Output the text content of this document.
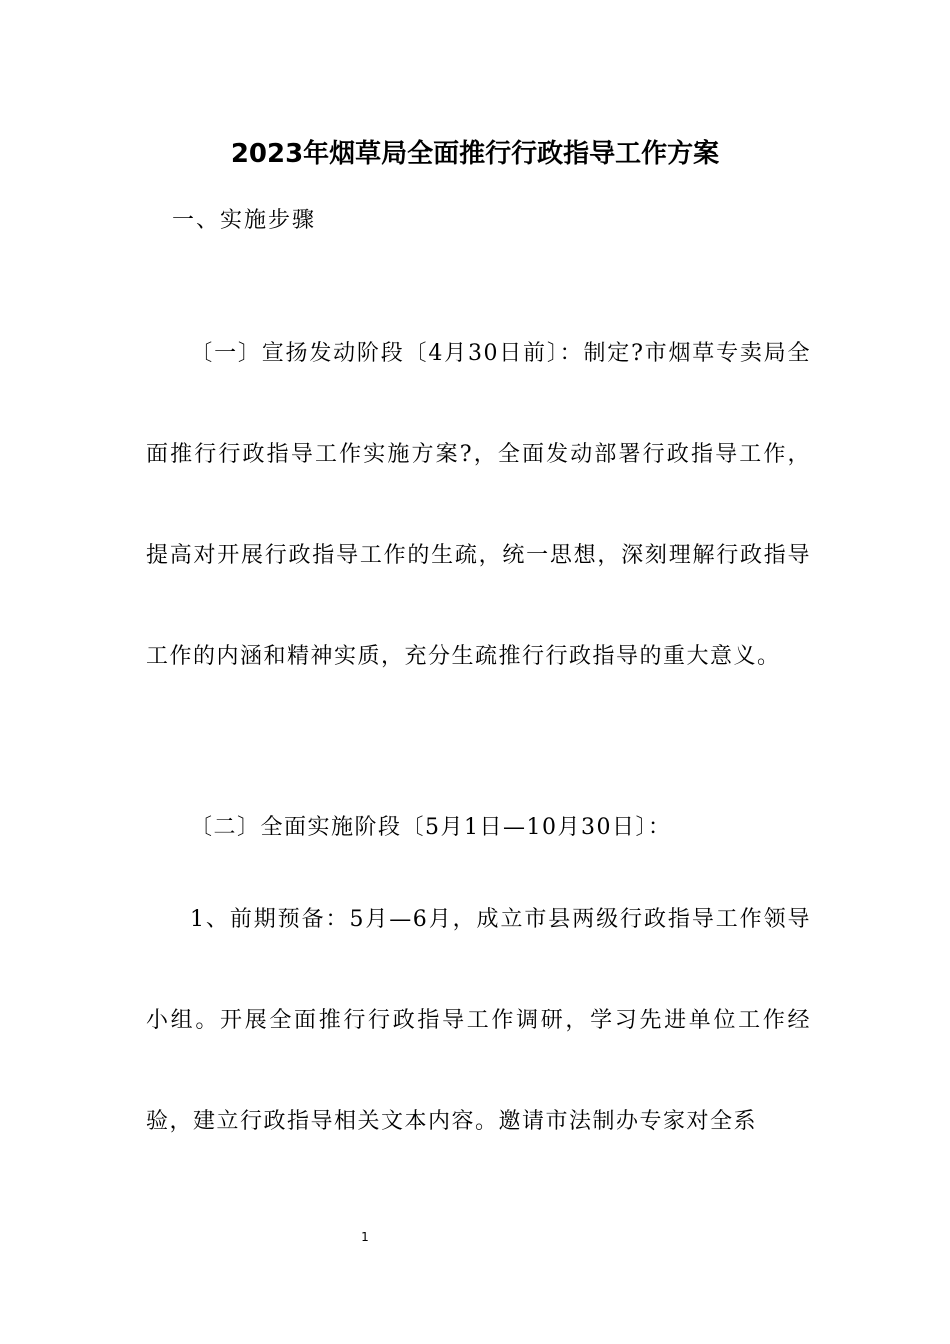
2023年烟草局全面推行行政指导工作方案
一、实施步骤
〔一〕宣扬发动阶段〔4月30日前〕：制定?市烟草专卖局全面推行行政指导工作实施方案?，全面发动部署行政指导工作，提高对开展行政指导工作的生疏，统一思想，深刻理解行政指导工作的内涵和精神实质，充分生疏推行行政指导的重大意义。
〔二〕全面实施阶段〔5月1日—10月30日〕：
1、前期预备：5月—6月，成立市县两级行政指导工作领导小组。开展全面推行行政指导工作调研，学习先进单位工作经验，建立行政指导相关文本内容。邀请市法制办专家对全系
1
